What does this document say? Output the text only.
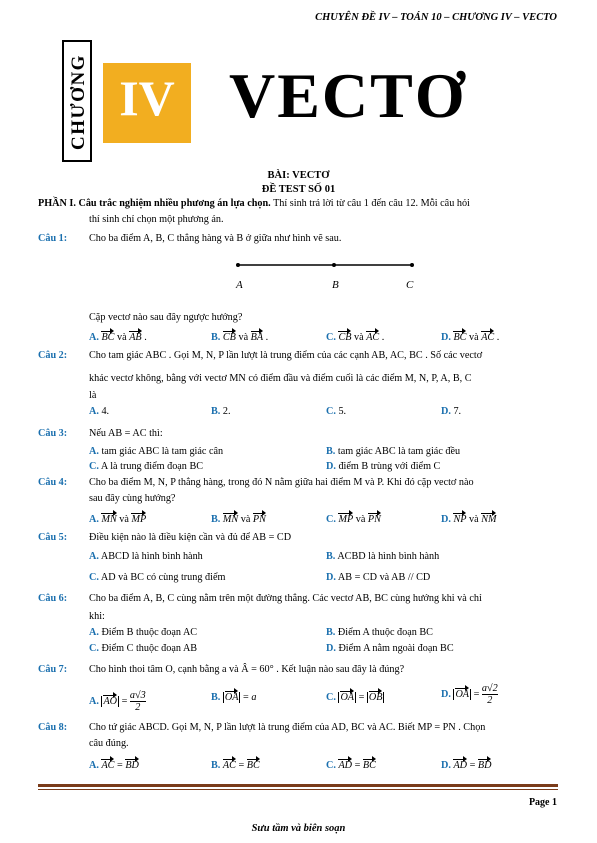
CHUYÊN ĐỀ IV – TOÁN 10 – CHƯƠNG IV – VECTO
CHƯƠNG IV VECTƠ
BÀI: VECTƠ
ĐỀ TEST SỐ 01
PHẦN I. Câu trắc nghiệm nhiều phương án lựa chọn. Thí sinh trả lời từ câu 1 đến câu 12. Mỗi câu hỏi
thí sinh chỉ chọn một phương án.
Câu 1: Cho ba điểm A, B, C thẳng hàng và B ở giữa như hình vẽ sau.
A	B	C
Cặp vectơ nào sau đây ngược hướng?
A. BC và AB .	B. CB và BA .	C. CB và AC .	D. BC và AC .
Câu 2: Cho tam giác ABC . Gọi M, N, P lần lượt là trung điểm của các cạnh AB, AC, BC . Số các vectơ
khác vectơ không, bằng với vectơ MN có điểm đầu và điểm cuối là các điểm M, N, P, A, B, C
là
A. 4.	B. 2.	C. 5.	D. 7.
Câu 3: Nếu AB = AC thì:
A. tam giác ABC là tam giác cân	B. tam giác ABC là tam giác đều
C. A là trung điểm đoạn BC	D. điểm B trùng với điểm C
Câu 4: Cho ba điểm M, N, P thẳng hàng, trong đó N nằm giữa hai điểm M và P. Khi đó cặp vectơ nào
sau đây cùng hướng?
A. MN và MP	B. MN và PN	C. MP và PN	D. NP và NM
Câu 5: Điều kiện nào là điều kiện cần và đủ để AB = CD
A. ABCD là hình bình hành	B. ACBD là hình bình hành
C. AD và BC có cùng trung điểm	D. AB = CD và AB // CD
Câu 6: Cho ba điểm A, B, C cùng nằm trên một đường thẳng. Các vectơ AB, BC cùng hướng khi và chỉ
khi:
A. Điểm B thuộc đoạn AC	B. Điểm A thuộc đoạn BC
C. Điểm C thuộc đoạn AB	D. Điểm A nằm ngoài đoạn BC
Câu 7: Cho hình thoi tâm O, cạnh bằng a và Â = 60° . Kết luận nào sau đây là đúng?
A. AO = $\frac{a√3}{2}$	B. OA = a	C. OA = OB	D. OA = $\frac{a√2}{2}$
Câu 8: Cho tứ giác ABCD. Gọi M, N, P lần lượt là trung điểm của AD, BC và AC. Biết MP = PN . Chọn
câu đúng.
A. AC = BD	B. AC = BC	C. AD = BC	D. AD = BD
Page 1
Sưu tầm và biên soạn
